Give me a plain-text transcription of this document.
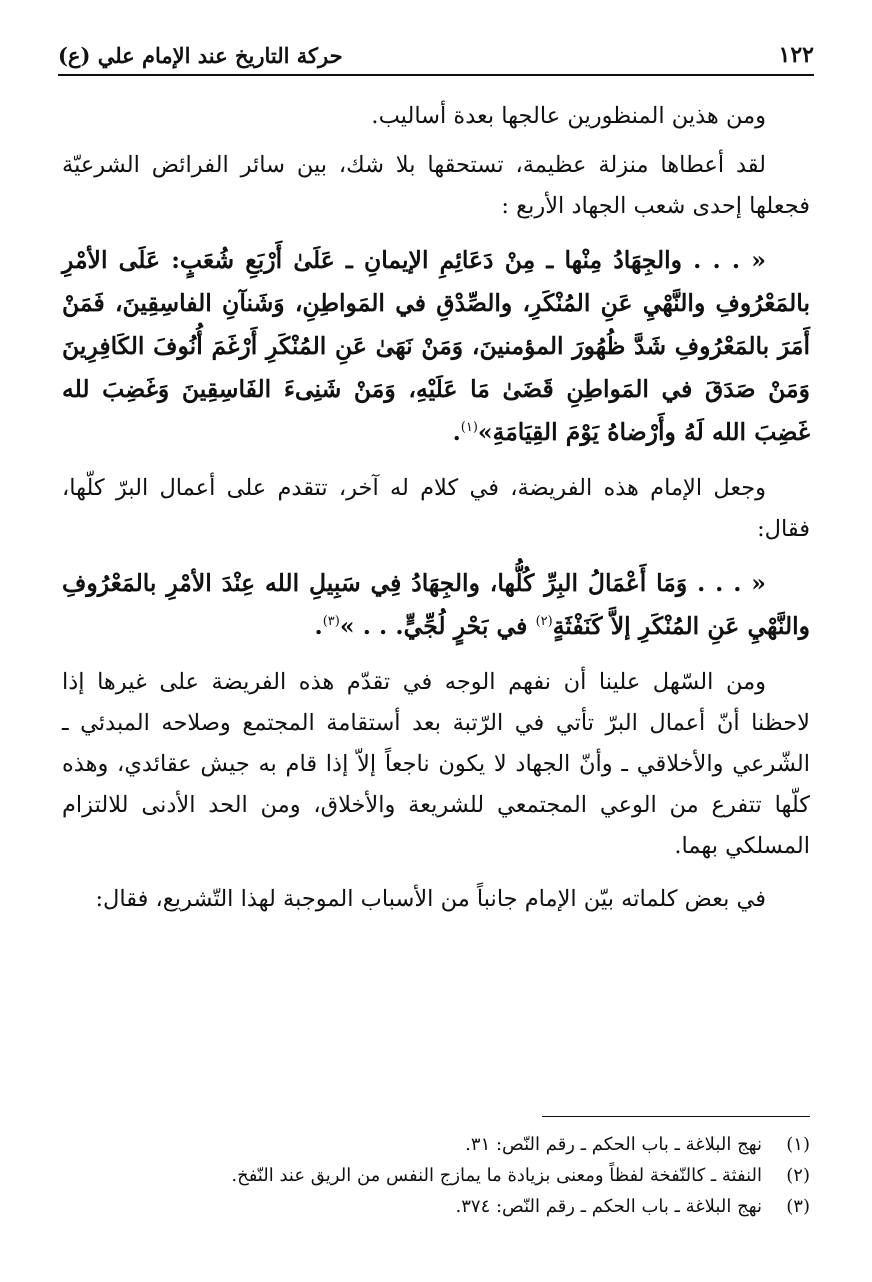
١٢٢
حركة التاريخ عند الإمام علي (ع)

ومن هذين المنظورين عالجها بعدة أساليب.

لقد أعطاها منزلة عظيمة، تستحقها بلا شك، بين سائر الفرائض الشرعيّة فجعلها إحدى شعب الجهاد الأربع :

« . . . والجِهَادُ مِنْها ـ مِنْ دَعَائِمِ الإيمانِ ـ عَلَىٰ أَرْبَعِ شُعَبٍ: عَلَى الأمْرِ بالمَعْرُوفِ والنَّهْيِ عَنِ المُنْكَرِ، والصِّدْقِ في المَواطِنِ، وَشَنآنِ الفاسِقِينَ، فَمَنْ أَمَرَ بالمَعْرُوفِ شَدَّ ظُهُورَ المؤمنينَ، وَمَنْ نَهَىٰ عَنِ المُنْكَرِ أَرْغَمَ أُنُوفَ الكَافِرِينَ وَمَنْ صَدَقَ في المَواطِنِ قَضَىٰ مَا عَلَيْهِ، وَمَنْ شَنِىءَ الفَاسِقِينَ وَغَضِبَ لله غَضِبَ الله لَهُ وأَرْضاهُ يَوْمَ القِيَامَةِ»$^{(١)}$.

وجعل الإمام هذه الفريضة، في كلام له آخر، تتقدم على أعمال البرّ كلّها، فقال:

« . . . وَمَا أَعْمَالُ البِرِّ كُلُّها، والجِهَادُ فِي سَبِيلِ الله عِنْدَ الأمْرِ بالمَعْرُوفِ والنَّهْيِ عَنِ المُنْكَرِ إلاَّ كَنَفْثَةٍ$^{(٢)}$ في بَحْرٍ لُجِّيٍّ. . . »$^{(٣)}$.

ومن السّهل علينا أن نفهم الوجه في تقدّم هذه الفريضة على غيرها إذا لاحظنا أنّ أعمال البرّ تأتي في الرّتبة بعد أستقامة المجتمع وصلاحه المبدئي ـ الشّرعي والأخلاقي ـ وأنّ الجهاد لا يكون ناجعاً إلاّ إذا قام به جيش عقائدي، وهذه كلّها تتفرع من الوعي المجتمعي للشريعة والأخلاق، ومن الحد الأدنى للالتزام المسلكي بهما.

في بعض كلماته بيّن الإمام جانباً من الأسباب الموجبة لهذا التّشريع، فقال:

(١)
نهج البلاغة ـ باب الحكم ـ رقم النّص: ٣١.
(٢)
النفثة ـ كالنّفخة لفظاً ومعنى بزيادة ما يمازج النفس من الريق عند النّفخ.
(٣)
نهج البلاغة ـ باب الحكم ـ رقم النّص: ٣٧٤.
